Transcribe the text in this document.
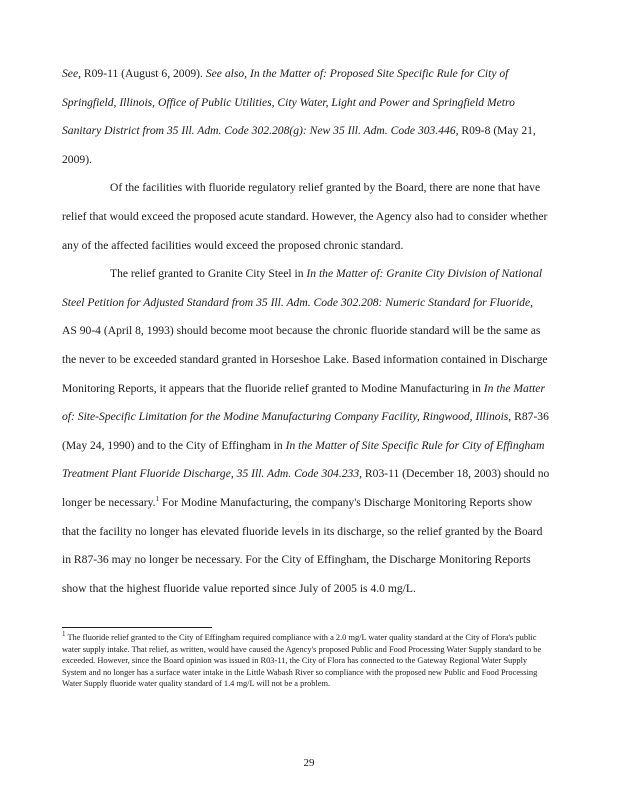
See, R09-11 (August 6, 2009). See also, In the Matter of: Proposed Site Specific Rule for City of Springfield, Illinois, Office of Public Utilities, City Water, Light and Power and Springfield Metro Sanitary District from 35 Ill. Adm. Code 302.208(g): New 35 Ill. Adm. Code 303.446, R09-8 (May 21, 2009).

Of the facilities with fluoride regulatory relief granted by the Board, there are none that have relief that would exceed the proposed acute standard. However, the Agency also had to consider whether any of the affected facilities would exceed the proposed chronic standard.

The relief granted to Granite City Steel in In the Matter of: Granite City Division of National Steel Petition for Adjusted Standard from 35 Ill. Adm. Code 302.208: Numeric Standard for Fluoride, AS 90-4 (April 8, 1993) should become moot because the chronic fluoride standard will be the same as the never to be exceeded standard granted in Horseshoe Lake. Based information contained in Discharge Monitoring Reports, it appears that the fluoride relief granted to Modine Manufacturing in In the Matter of: Site-Specific Limitation for the Modine Manufacturing Company Facility, Ringwood, Illinois, R87-36 (May 24, 1990) and to the City of Effingham in In the Matter of Site Specific Rule for City of Effingham Treatment Plant Fluoride Discharge, 35 Ill. Adm. Code 304.233, R03-11 (December 18, 2003) should no longer be necessary.$^1$ For Modine Manufacturing, the company's Discharge Monitoring Reports show that the facility no longer has elevated fluoride levels in its discharge, so the relief granted by the Board in R87-36 may no longer be necessary. For the City of Effingham, the Discharge Monitoring Reports show that the highest fluoride value reported since July of 2005 is 4.0 mg/L.

$^1$ The fluoride relief granted to the City of Effingham required compliance with a 2.0 mg/L water quality standard at the City of Flora's public water supply intake. That relief, as written, would have caused the Agency's proposed Public and Food Processing Water Supply standard to be exceeded. However, since the Board opinion was issued in R03-11, the City of Flora has connected to the Gateway Regional Water Supply System and no longer has a surface water intake in the Little Wabash River so compliance with the proposed new Public and Food Processing Water Supply fluoride water quality standard of 1.4 mg/L will not be a problem.

29
